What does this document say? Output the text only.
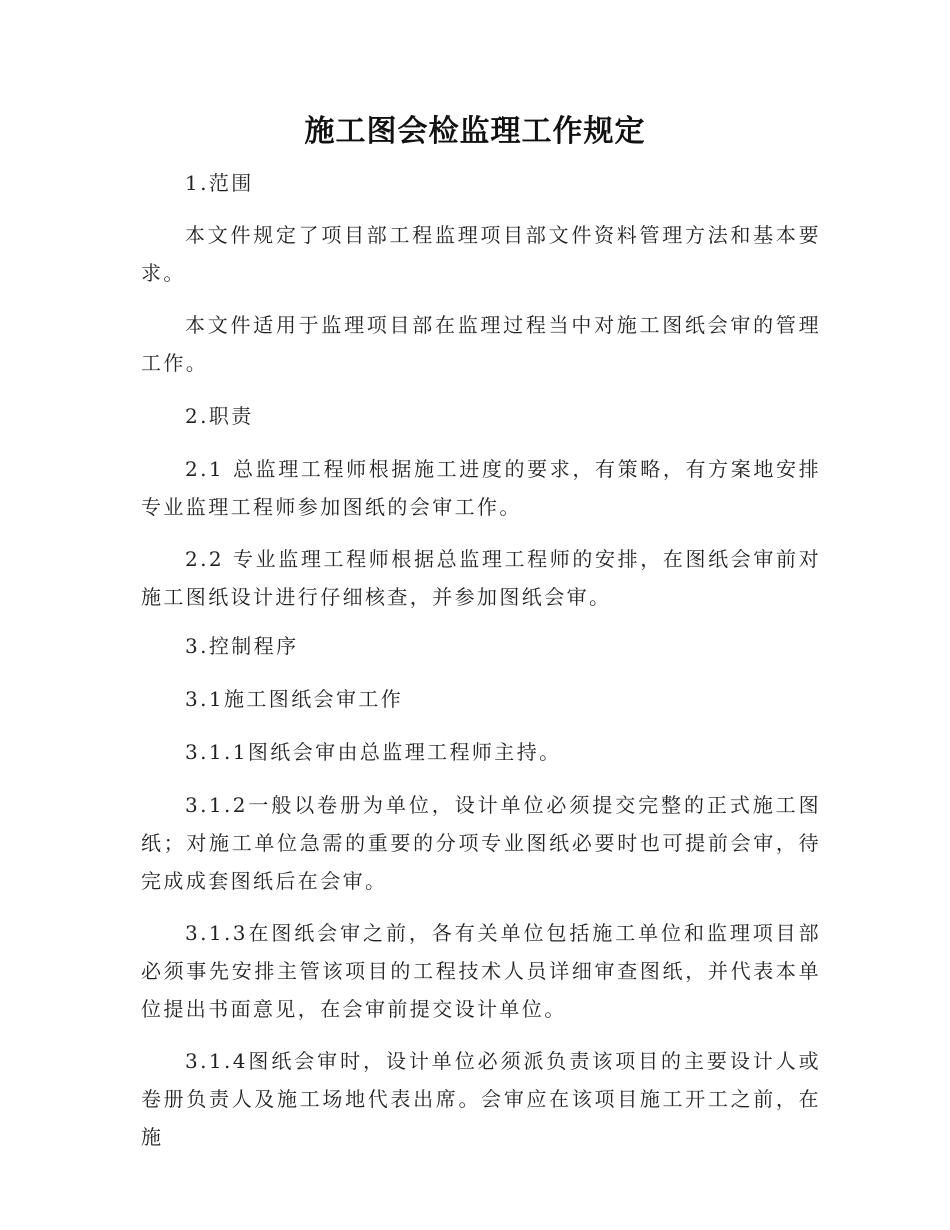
施工图会检监理工作规定
1.范围

本文件规定了项目部工程监理项目部文件资料管理方法和基本要求。

本文件适用于监理项目部在监理过程当中对施工图纸会审的管理工作。

2.职责

2.1 总监理工程师根据施工进度的要求，有策略，有方案地安排专业监理工程师参加图纸的会审工作。

2.2 专业监理工程师根据总监理工程师的安排，在图纸会审前对施工图纸设计进行仔细核查，并参加图纸会审。

3.控制程序
3.1施工图纸会审工作
3.1.1图纸会审由总监理工程师主持。

3.1.2一般以卷册为单位，设计单位必须提交完整的正式施工图纸；对施工单位急需的重要的分项专业图纸必要时也可提前会审，待完成成套图纸后在会审。

3.1.3在图纸会审之前，各有关单位包括施工单位和监理项目部必须事先安排主管该项目的工程技术人员详细审查图纸，并代表本单位提出书面意见，在会审前提交设计单位。

3.1.4图纸会审时，设计单位必须派负责该项目的主要设计人或卷册负责人及施工场地代表出席。会审应在该项目施工开工之前，在施
